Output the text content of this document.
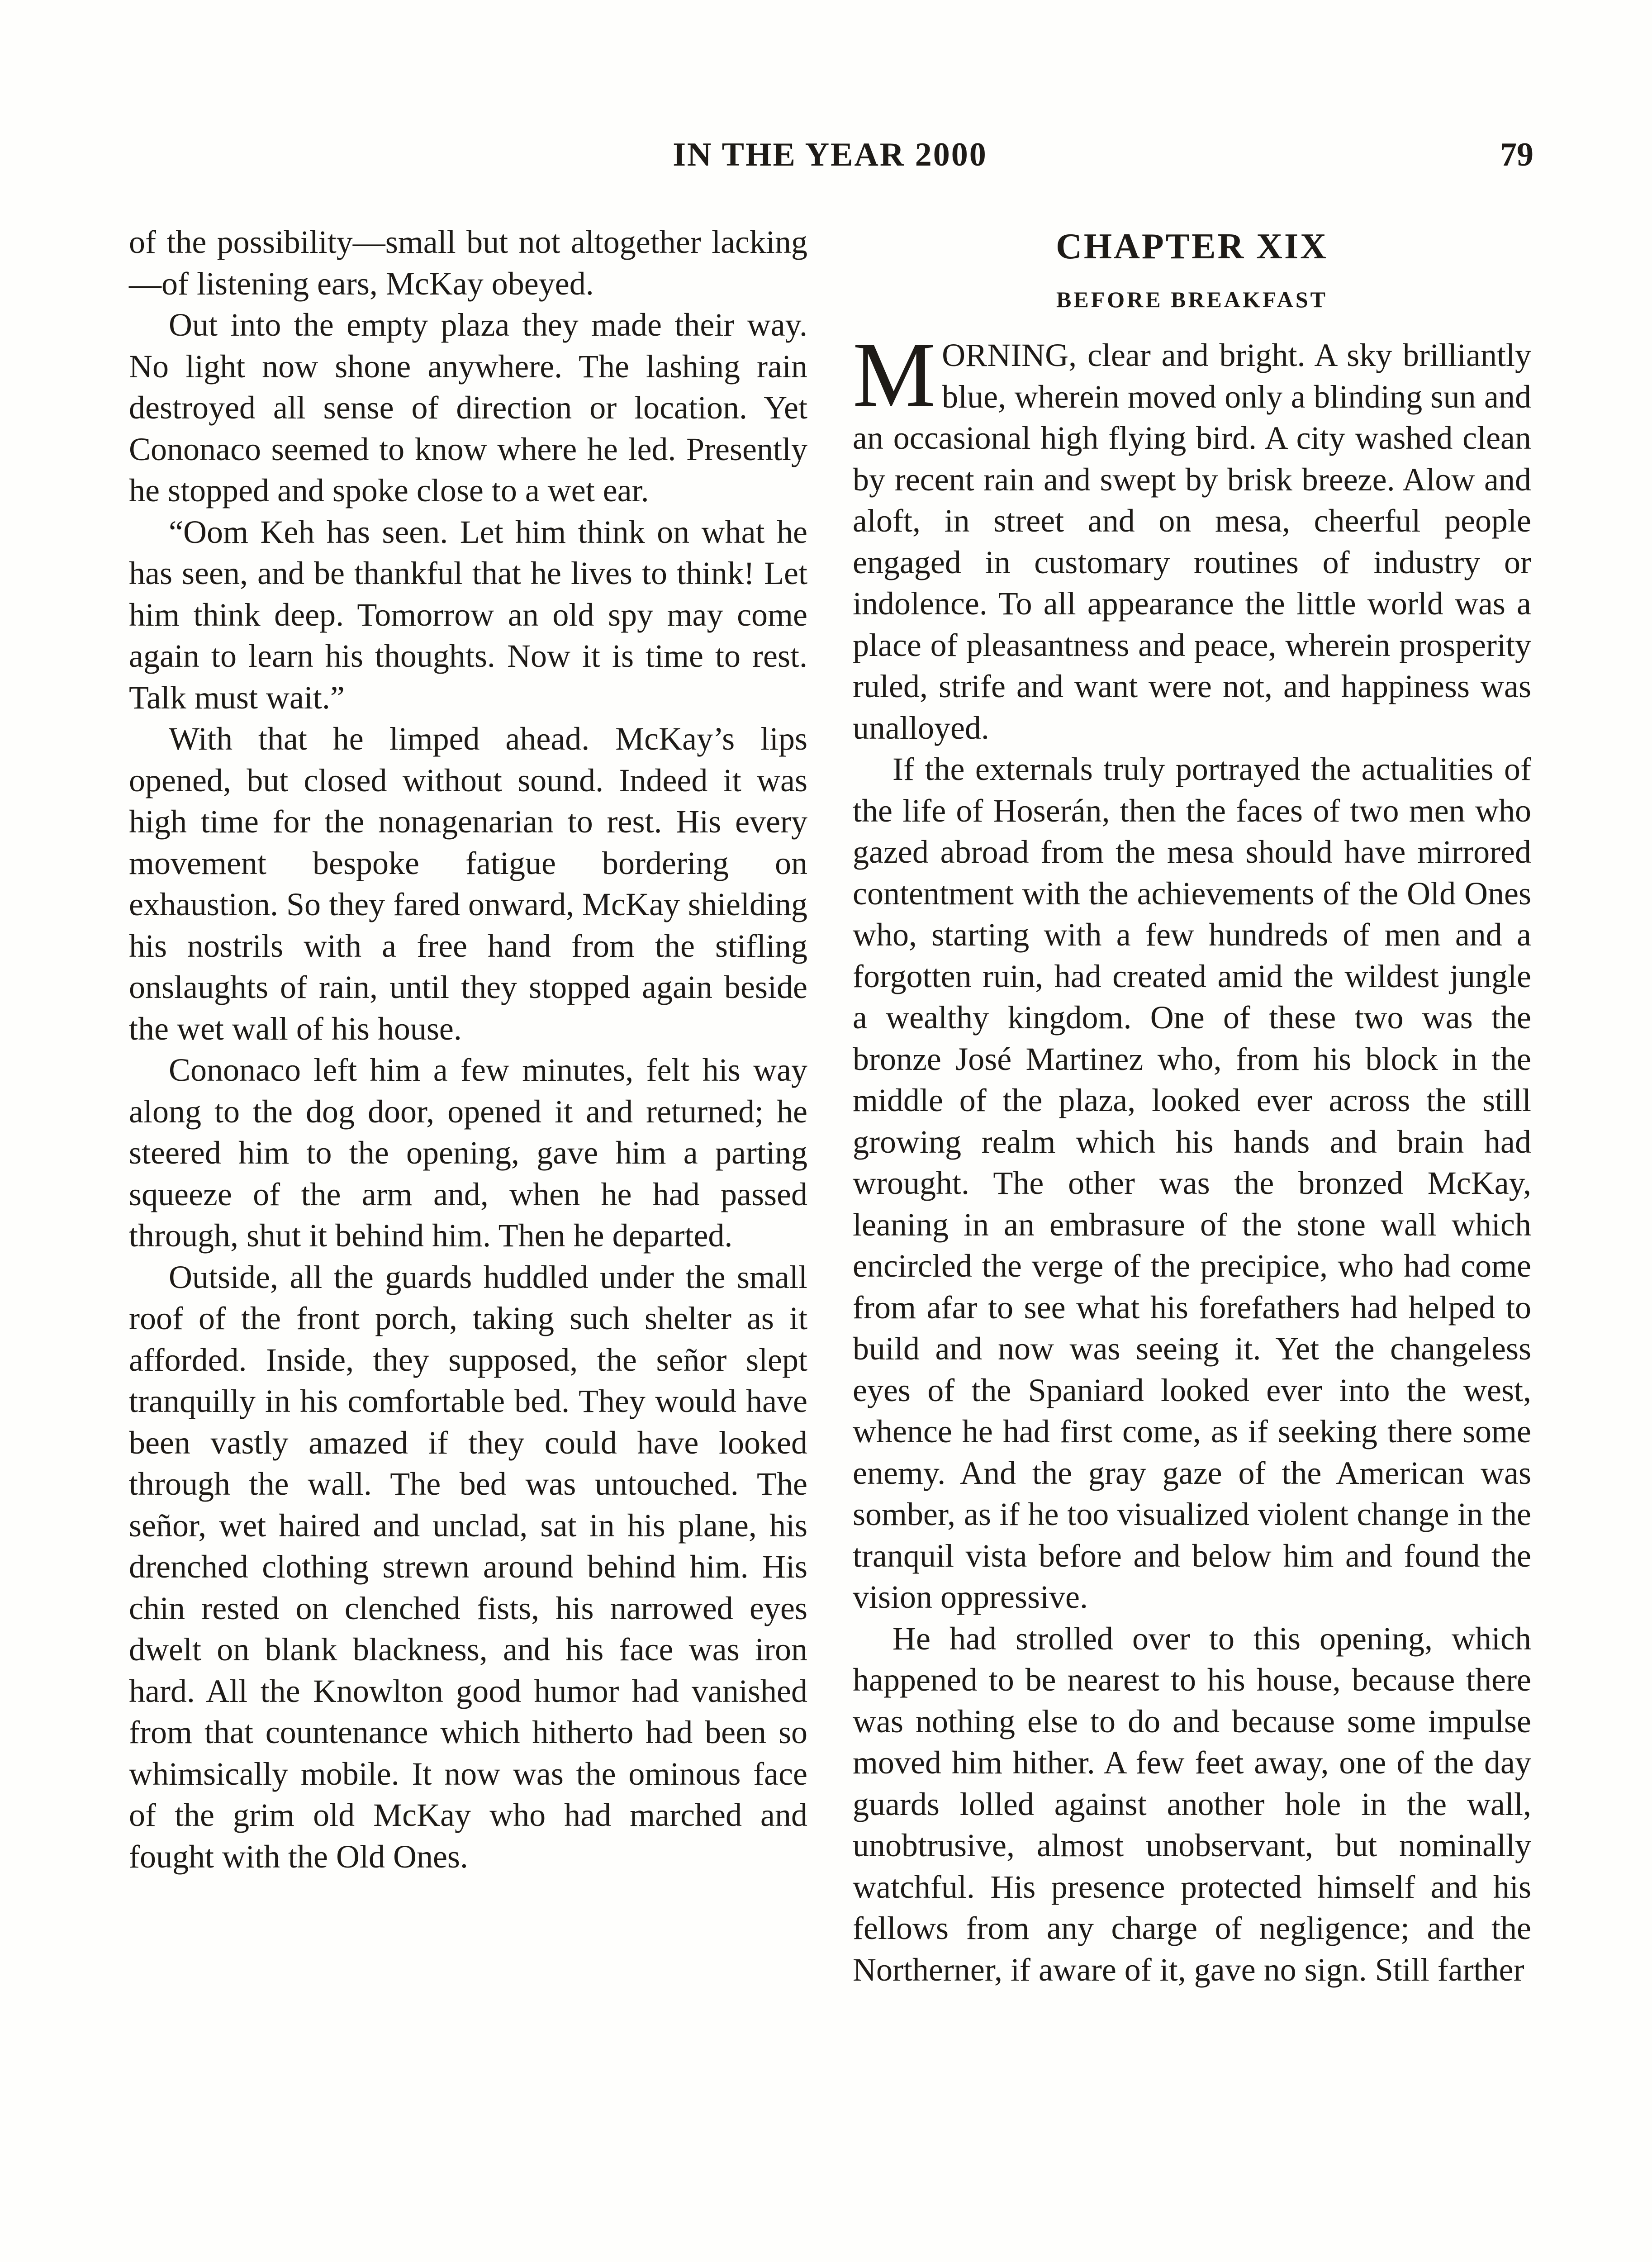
IN THE YEAR 2000	79

of the possibility—small but not altogether lacking—of listening ears, McKay obeyed.

Out into the empty plaza they made their way. No light now shone anywhere. The lashing rain destroyed all sense of direction or location. Yet Cononaco seemed to know where he led. Presently he stopped and spoke close to a wet ear.

“Oom Keh has seen. Let him think on what he has seen, and be thankful that he lives to think! Let him think deep. Tomorrow an old spy may come again to learn his thoughts. Now it is time to rest. Talk must wait.”

With that he limped ahead. McKay’s lips opened, but closed without sound. Indeed it was high time for the nonagenarian to rest. His every movement bespoke fatigue bordering on exhaustion. So they fared onward, McKay shielding his nostrils with a free hand from the stifling onslaughts of rain, until they stopped again beside the wet wall of his house.

Cononaco left him a few minutes, felt his way along to the dog door, opened it and returned; he steered him to the opening, gave him a parting squeeze of the arm and, when he had passed through, shut it behind him. Then he departed.

Outside, all the guards huddled under the small roof of the front porch, taking such shelter as it afforded. Inside, they supposed, the señor slept tranquilly in his comfortable bed. They would have been vastly amazed if they could have looked through the wall. The bed was untouched. The señor, wet haired and unclad, sat in his plane, his drenched clothing strewn around behind him. His chin rested on clenched fists, his narrowed eyes dwelt on blank blackness, and his face was iron hard. All the Knowlton good humor had vanished from that countenance which hitherto had been so whimsically mobile. It now was the ominous face of the grim old McKay who had marched and fought with the Old Ones.

CHAPTER XIX
BEFORE BREAKFAST

MORNING, clear and bright. A sky brilliantly blue, wherein moved only a blinding sun and an occasional high flying bird. A city washed clean by recent rain and swept by brisk breeze. Alow and aloft, in street and on mesa, cheerful people engaged in customary routines of industry or indolence. To all appearance the little world was a place of pleasantness and peace, wherein prosperity ruled, strife and want were not, and happiness was unalloyed.

If the externals truly portrayed the actualities of the life of Hoserán, then the faces of two men who gazed abroad from the mesa should have mirrored contentment with the achievements of the Old Ones who, starting with a few hundreds of men and a forgotten ruin, had created amid the wildest jungle a wealthy kingdom. One of these two was the bronze José Martinez who, from his block in the middle of the plaza, looked ever across the still growing realm which his hands and brain had wrought. The other was the bronzed McKay, leaning in an embrasure of the stone wall which encircled the verge of the precipice, who had come from afar to see what his forefathers had helped to build and now was seeing it. Yet the changeless eyes of the Spaniard looked ever into the west, whence he had first come, as if seeking there some enemy. And the gray gaze of the American was somber, as if he too visualized violent change in the tranquil vista before and below him and found the vision oppressive.

He had strolled over to this opening, which happened to be nearest to his house, because there was nothing else to do and because some impulse moved him hither. A few feet away, one of the day guards lolled against another hole in the wall, unobtrusive, almost unobservant, but nominally watchful. His presence protected himself and his fellows from any charge of negligence; and the Northerner, if aware of it, gave no sign. Still farther
